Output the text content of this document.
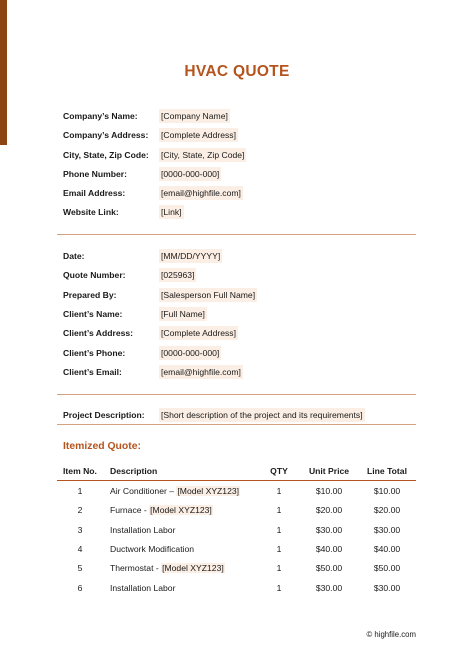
HVAC QUOTE
Company’s Name:	[Company Name]
Company’s Address: [Complete Address]
City, State, Zip Code: [City, State, Zip Code]
Phone Number:	[0000-000-000]
Email Address:	[email@highfile.com]
Website Link:	[Link]
Date:	[MM/DD/YYYY]
Quote Number:	[025963]
Prepared By:	[Salesperson Full Name]
Client’s Name:	[Full Name]
Client’s Address:	[Complete Address]
Client’s Phone:	[0000-000-000]
Client’s Email:	[email@highfile.com]
Project Description: [Short description of the project and its requirements]
Itemized Quote:
Item No.	Description	QTY	Unit Price	Line Total
1	Air Conditioner – [Model XYZ123]	1	$10.00	$10.00
2	Furnace - [Model XYZ123]	1	$20.00	$20.00
3	Installation Labor	1	$30.00	$30.00
4	Ductwork Modification	1	$40.00	$40.00
5	Thermostat - [Model XYZ123]	1	$50.00	$50.00
6	Installation Labor	1	$30.00	$30.00
© highfile.com
